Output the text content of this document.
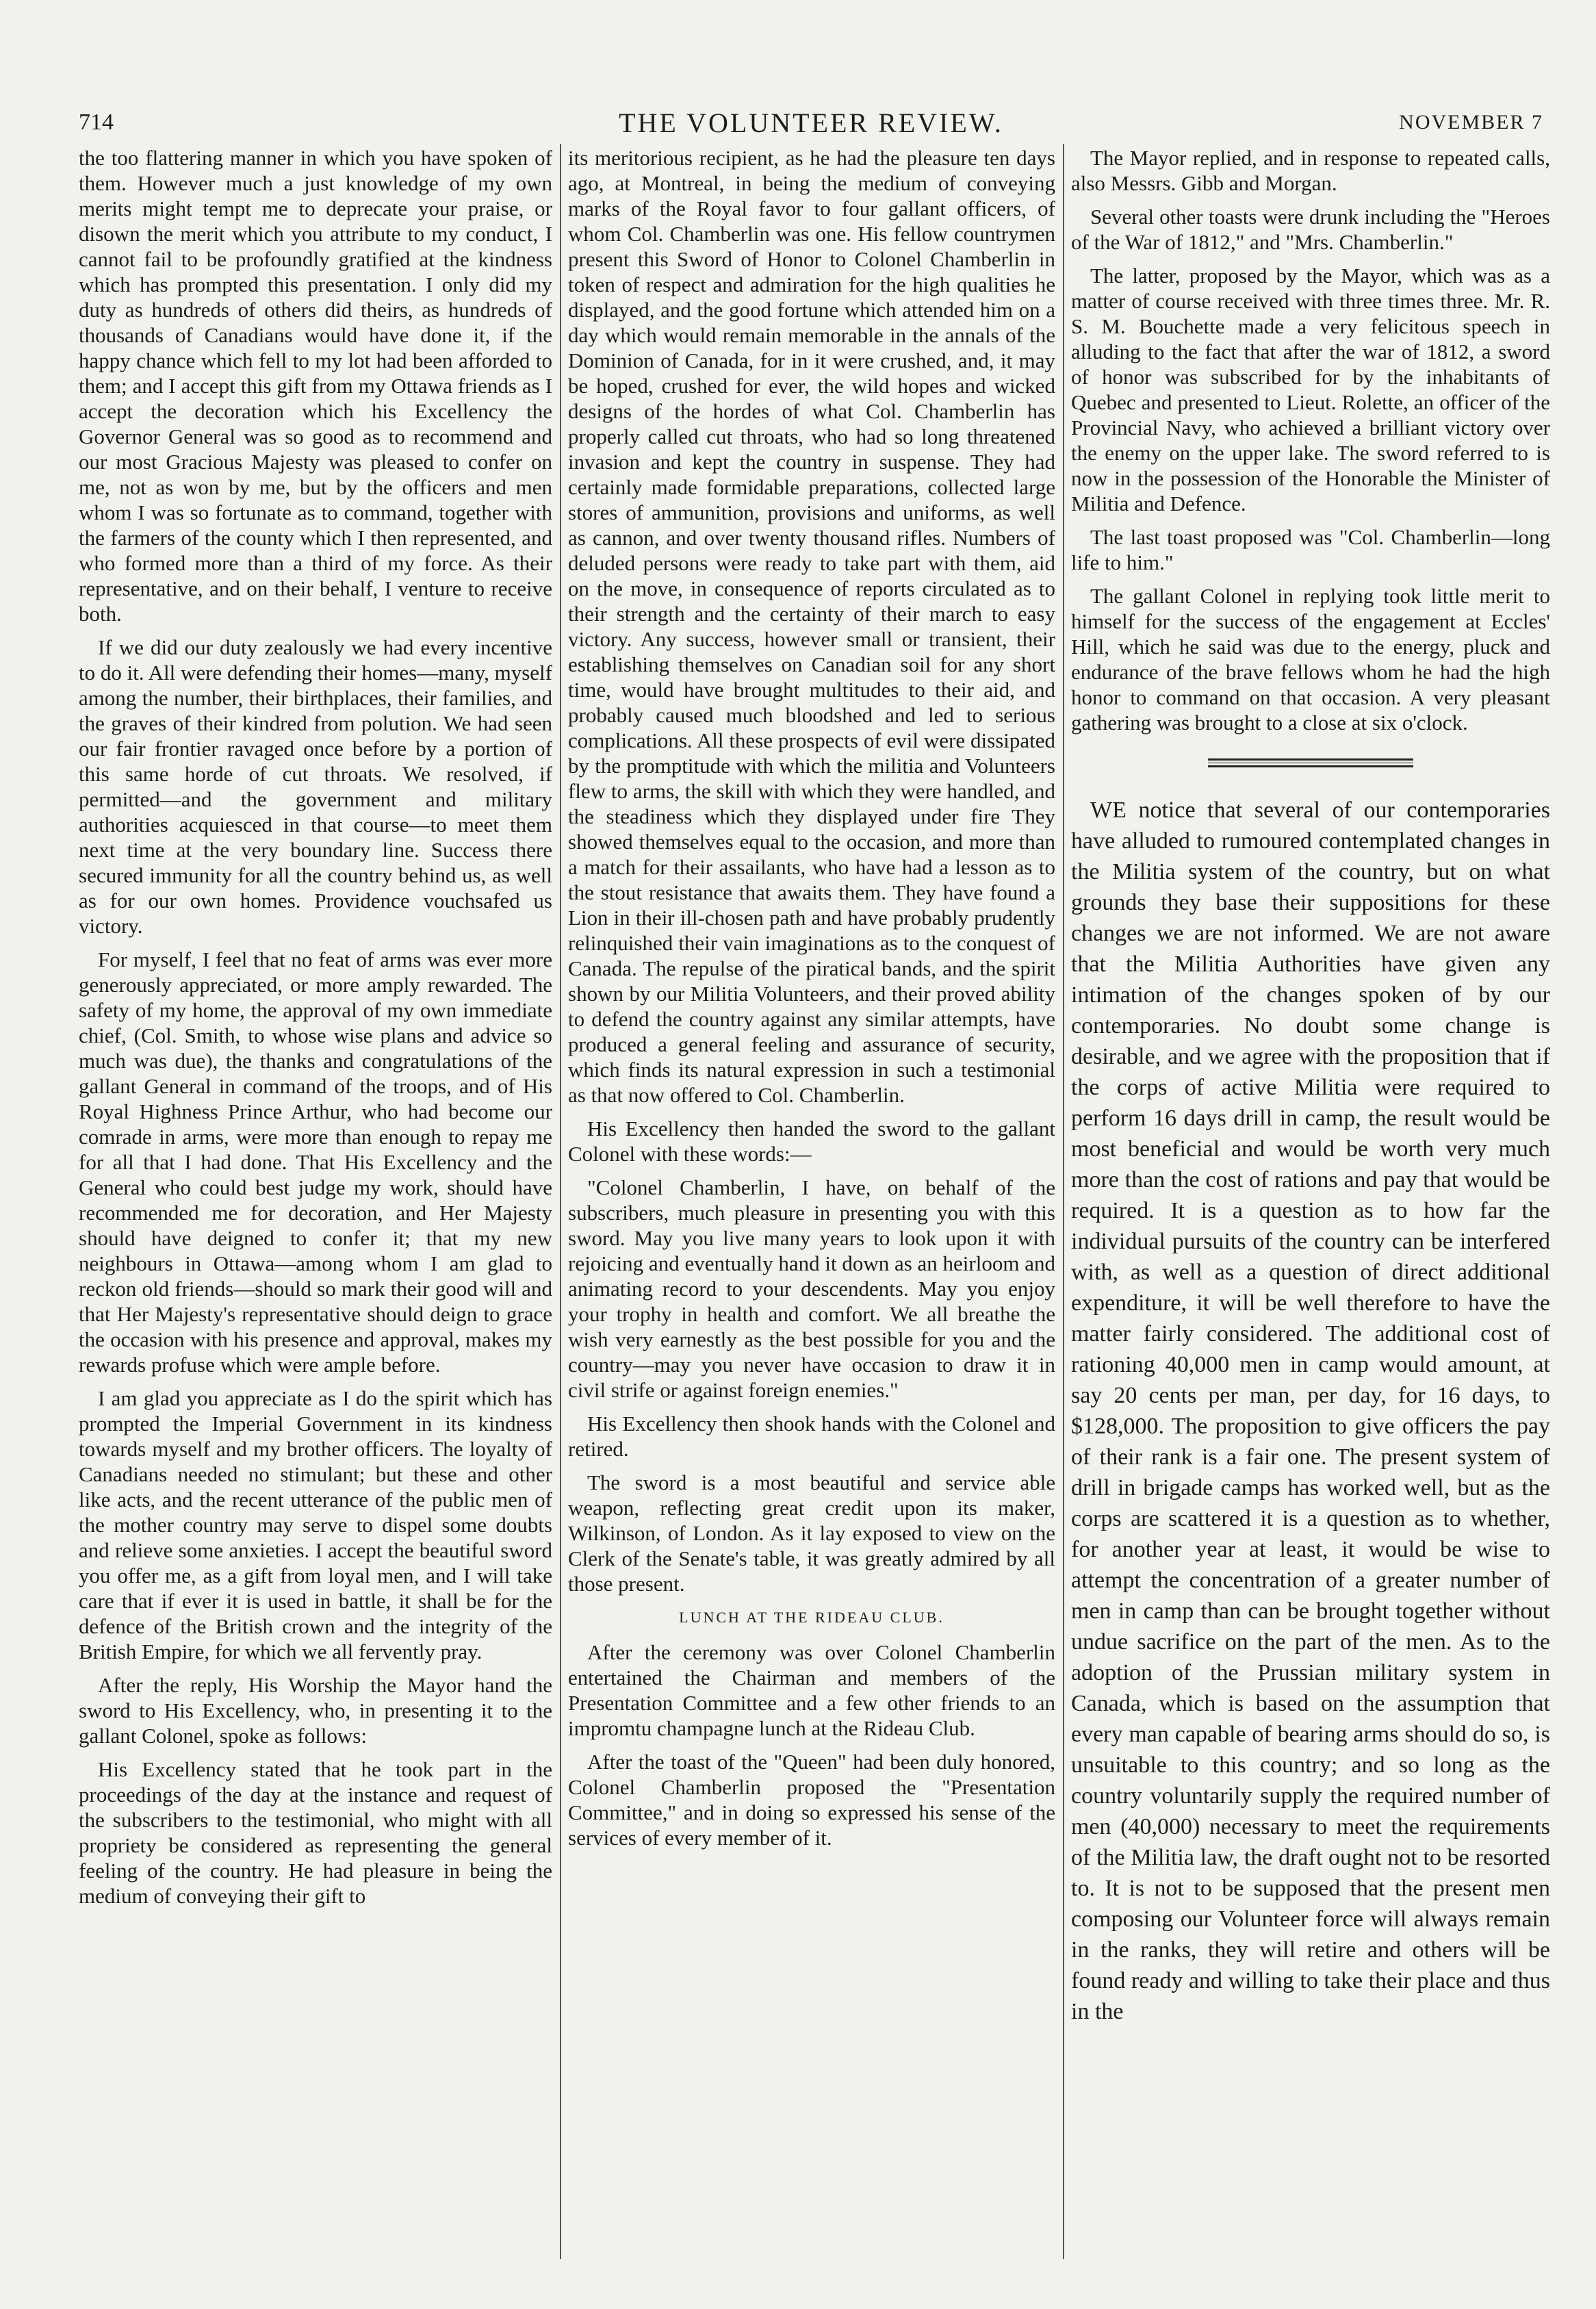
714	THE VOLUNTEER REVIEW.	NOVEMBER 7

the too flattering manner in which you have spoken of them. However much a just knowledge of my own merits might tempt me to deprecate your praise, or disown the merit which you attribute to my conduct, I cannot fail to be profoundly gratified at the kindness which has prompted this presentation. I only did my duty as hundreds of others did theirs, as hundreds of thousands of Canadians would have done it, if the happy chance which fell to my lot had been afforded to them; and I accept this gift from my Ottawa friends as I accept the decoration which his Excellency the Governor General was so good as to recommend and our most Gracious Majesty was pleased to confer on me, not as won by me, but by the officers and men whom I was so fortunate as to command, together with the farmers of the county which I then represented, and who formed more than a third of my force. As their representative, and on their behalf, I venture to receive both.

If we did our duty zealously we had every incentive to do it. All were defending their homes—many, myself among the number, their birthplaces, their families, and the graves of their kindred from polution. We had seen our fair frontier ravaged once before by a portion of this same horde of cut throats. We resolved, if permitted—and the government and military authorities acquiesced in that course—to meet them next time at the very boundary line. Success there secured immunity for all the country behind us, as well as for our own homes. Providence vouchsafed us victory.

For myself, I feel that no feat of arms was ever more generously appreciated, or more amply rewarded. The safety of my home, the approval of my own immediate chief, (Col. Smith, to whose wise plans and advice so much was due), the thanks and congratulations of the gallant General in command of the troops, and of His Royal Highness Prince Arthur, who had become our comrade in arms, were more than enough to repay me for all that I had done. That His Excellency and the General who could best judge my work, should have recommended me for decoration, and Her Majesty should have deigned to confer it; that my new neighbours in Ottawa—among whom I am glad to reckon old friends—should so mark their good will and that Her Majesty's representative should deign to grace the occasion with his presence and approval, makes my rewards profuse which were ample before.

I am glad you appreciate as I do the spirit which has prompted the Imperial Government in its kindness towards myself and my brother officers. The loyalty of Canadians needed no stimulant; but these and other like acts, and the recent utterance of the public men of the mother country may serve to dispel some doubts and relieve some anxieties. I accept the beautiful sword you offer me, as a gift from loyal men, and I will take care that if ever it is used in battle, it shall be for the defence of the British crown and the integrity of the British Empire, for which we all fervently pray.

After the reply, His Worship the Mayor hand the sword to His Excellency, who, in presenting it to the gallant Colonel, spoke as follows:

His Excellency stated that he took part in the proceedings of the day at the instance and request of the subscribers to the testimonial, who might with all propriety be considered as representing the general feeling of the country. He had pleasure in being the medium of conveying their gift to

its meritorious recipient, as he had the pleasure ten days ago, at Montreal, in being the medium of conveying marks of the Royal favor to four gallant officers, of whom Col. Chamberlin was one. His fellow countrymen present this Sword of Honor to Colonel Chamberlin in token of respect and admiration for the high qualities he displayed, and the good fortune which attended him on a day which would remain memorable in the annals of the Dominion of Canada, for in it were crushed, and, it may be hoped, crushed for ever, the wild hopes and wicked designs of the hordes of what Col. Chamberlin has properly called cut throats, who had so long threatened invasion and kept the country in suspense. They had certainly made formidable preparations, collected large stores of ammunition, provisions and uniforms, as well as cannon, and over twenty thousand rifles. Numbers of deluded persons were ready to take part with them, aid on the move, in consequence of reports circulated as to their strength and the certainty of their march to easy victory. Any success, however small or transient, their establishing themselves on Canadian soil for any short time, would have brought multitudes to their aid, and probably caused much bloodshed and led to serious complications. All these prospects of evil were dissipated by the promptitude with which the militia and Volunteers flew to arms, the skill with which they were handled, and the steadiness which they displayed under fire They showed themselves equal to the occasion, and more than a match for their assailants, who have had a lesson as to the stout resistance that awaits them. They have found a Lion in their ill-chosen path and have probably prudently relinquished their vain imaginations as to the conquest of Canada. The repulse of the piratical bands, and the spirit shown by our Militia Volunteers, and their proved ability to defend the country against any similar attempts, have produced a general feeling and assurance of security, which finds its natural expression in such a testimonial as that now offered to Col. Chamberlin.

His Excellency then handed the sword to the gallant Colonel with these words:—

"Colonel Chamberlin, I have, on behalf of the subscribers, much pleasure in presenting you with this sword. May you live many years to look upon it with rejoicing and eventually hand it down as an heirloom and animating record to your descendents. May you enjoy your trophy in health and comfort. We all breathe the wish very earnestly as the best possible for you and the country—may you never have occasion to draw it in civil strife or against foreign enemies."

His Excellency then shook hands with the Colonel and retired.

The sword is a most beautiful and service able weapon, reflecting great credit upon its maker, Wilkinson, of London. As it lay exposed to view on the Clerk of the Senate's table, it was greatly admired by all those present.

LUNCH AT THE RIDEAU CLUB.

After the ceremony was over Colonel Chamberlin entertained the Chairman and members of the Presentation Committee and a few other friends to an impromtu champagne lunch at the Rideau Club.

After the toast of the "Queen" had been duly honored, Colonel Chamberlin proposed the "Presentation Committee," and in doing so expressed his sense of the services of every member of it.

The Mayor replied, and in response to repeated calls, also Messrs. Gibb and Morgan.

Several other toasts were drunk including the "Heroes of the War of 1812," and "Mrs. Chamberlin."

The latter, proposed by the Mayor, which was as a matter of course received with three times three. Mr. R. S. M. Bouchette made a very felicitous speech in alluding to the fact that after the war of 1812, a sword of honor was subscribed for by the inhabitants of Quebec and presented to Lieut. Rolette, an officer of the Provincial Navy, who achieved a brilliant victory over the enemy on the upper lake. The sword referred to is now in the possession of the Honorable the Minister of Militia and Defence.

The last toast proposed was "Col. Chamberlin—long life to him."

The gallant Colonel in replying took little merit to himself for the success of the engagement at Eccles' Hill, which he said was due to the energy, pluck and endurance of the brave fellows whom he had the high honor to command on that occasion. A very pleasant gathering was brought to a close at six o'clock.

WE notice that several of our contemporaries have alluded to rumoured contemplated changes in the Militia system of the country, but on what grounds they base their suppositions for these changes we are not informed. We are not aware that the Militia Authorities have given any intimation of the changes spoken of by our contemporaries. No doubt some change is desirable, and we agree with the proposition that if the corps of active Militia were required to perform 16 days drill in camp, the result would be most beneficial and would be worth very much more than the cost of rations and pay that would be required. It is a question as to how far the individual pursuits of the country can be interfered with, as well as a question of direct additional expenditure, it will be well therefore to have the matter fairly considered. The additional cost of rationing 40,000 men in camp would amount, at say 20 cents per man, per day, for 16 days, to $128,000. The proposition to give officers the pay of their rank is a fair one. The present system of drill in brigade camps has worked well, but as the corps are scattered it is a question as to whether, for another year at least, it would be wise to attempt the concentration of a greater number of men in camp than can be brought together without undue sacrifice on the part of the men. As to the adoption of the Prussian military system in Canada, which is based on the assumption that every man capable of bearing arms should do so, is unsuitable to this country; and so long as the country voluntarily supply the required number of men (40,000) necessary to meet the requirements of the Militia law, the draft ought not to be resorted to. It is not to be supposed that the present men composing our Volunteer force will always remain in the ranks, they will retire and others will be found ready and willing to take their place and thus in the
